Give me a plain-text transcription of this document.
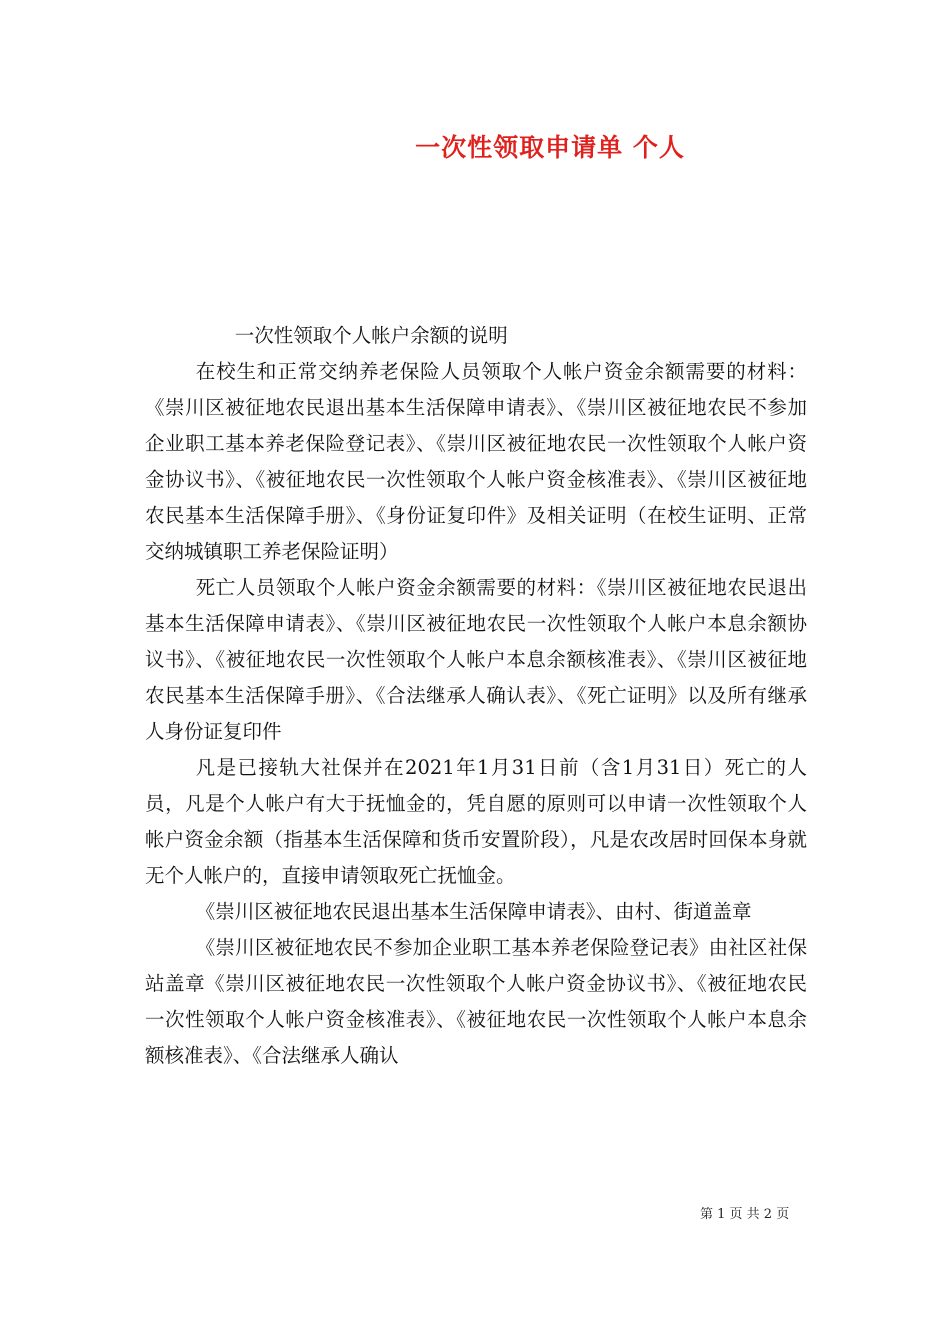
一次性领取申请单 个人

一次性领取个人帐户余额的说明

在校生和正常交纳养老保险人员领取个人帐户资金余额需要的材料：《崇川区被征地农民退出基本生活保障申请表》、《崇川区被征地农民不参加企业职工基本养老保险登记表》、《崇川区被征地农民一次性领取个人帐户资金协议书》、《被征地农民一次性领取个人帐户资金核准表》、《崇川区被征地农民基本生活保障手册》、《身份证复印件》及相关证明（在校生证明、正常交纳城镇职工养老保险证明）

死亡人员领取个人帐户资金余额需要的材料：《崇川区被征地农民退出基本生活保障申请表》、《崇川区被征地农民一次性领取个人帐户本息余额协议书》、《被征地农民一次性领取个人帐户本息余额核准表》、《崇川区被征地农民基本生活保障手册》、《合法继承人确认表》、《死亡证明》以及所有继承人身份证复印件

凡是已接轨大社保并在2021年1月31日前（含1月31日）死亡的人员，凡是个人帐户有大于抚恤金的，凭自愿的原则可以申请一次性领取个人帐户资金余额（指基本生活保障和货币安置阶段），凡是农改居时回保本身就无个人帐户的，直接申请领取死亡抚恤金。

《崇川区被征地农民退出基本生活保障申请表》、由村、街道盖章

《崇川区被征地农民不参加企业职工基本养老保险登记表》由社区社保站盖章《崇川区被征地农民一次性领取个人帐户资金协议书》、《被征地农民一次性领取个人帐户资金核准表》、《被征地农民一次性领取个人帐户本息余额核准表》、《合法继承人确认

第 1 页 共 2 页
